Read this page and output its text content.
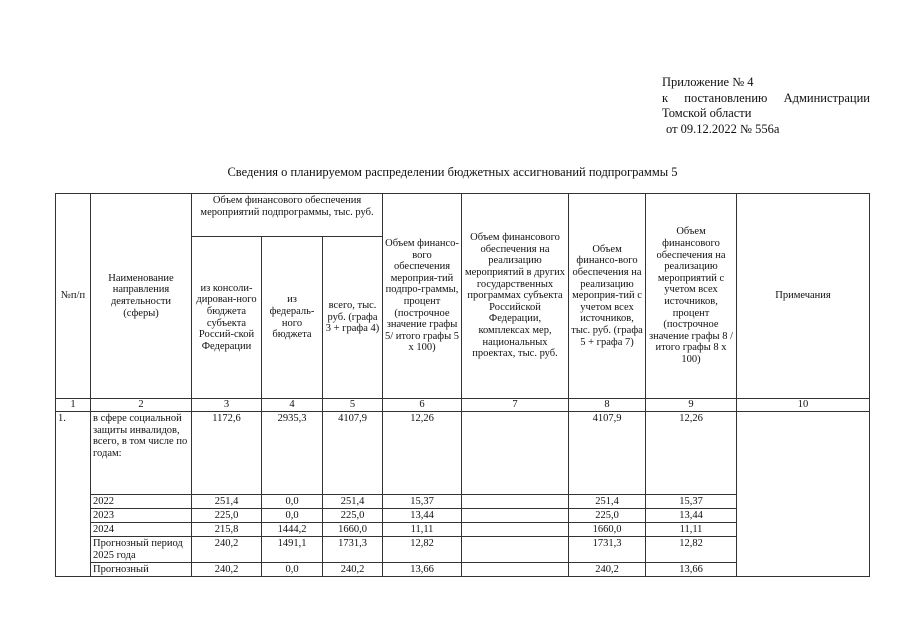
Приложение № 4
к постановлению Администрации
Томской области
от 09.12.2022 № 556а
Сведения о планируемом распределении бюджетных ассигнований подпрограммы 5
№п/п	Наименование направления деятельности (сферы)	Объем финансового обеспечения мероприятий подпрограммы, тыс. руб.			Объем финансо-вого обеспечения мероприя-тий подпро-граммы, процент (построчное значение графы 5/ итого графы 5 x 100)	Объем финансового обеспечения на реализацию мероприятий в других государственных программах субъекта Российской Федерации, комплексах мер, национальных проектах, тыс. руб.	Объем финансо-вого обеспечения на реализацию мероприя-тий с учетом всех источников, тыс. руб. (графа 5 + графа 7)	Объем финансового обеспечения на реализацию мероприятий с учетом всех источников, процент (построчное значение графы 8 / итого графы 8 x 100)	Примечания
		из консоли-дирован-ного бюджета субъекта Россий-ской Федерации	из федераль-ного бюджета	всего, тыс. руб. (графа 3 + графа 4)					
1	2	3	4	5	6	7	8	9	10
1.	в сфере социальной защиты инвалидов, всего, в том числе по годам:	1172,6	2935,3	4107,9	12,26		4107,9	12,26	
	2022	251,4	0,0	251,4	15,37		251,4	15,37	
	2023	225,0	0,0	225,0	13,44		225,0	13,44	
	2024	215,8	1444,2	1660,0	11,11		1660,0	11,11	
	Прогнозный период 2025 года	240,2	1491,1	1731,3	12,82		1731,3	12,82	
	Прогнозный	240,2	0,0	240,2	13,66		240,2	13,66	
